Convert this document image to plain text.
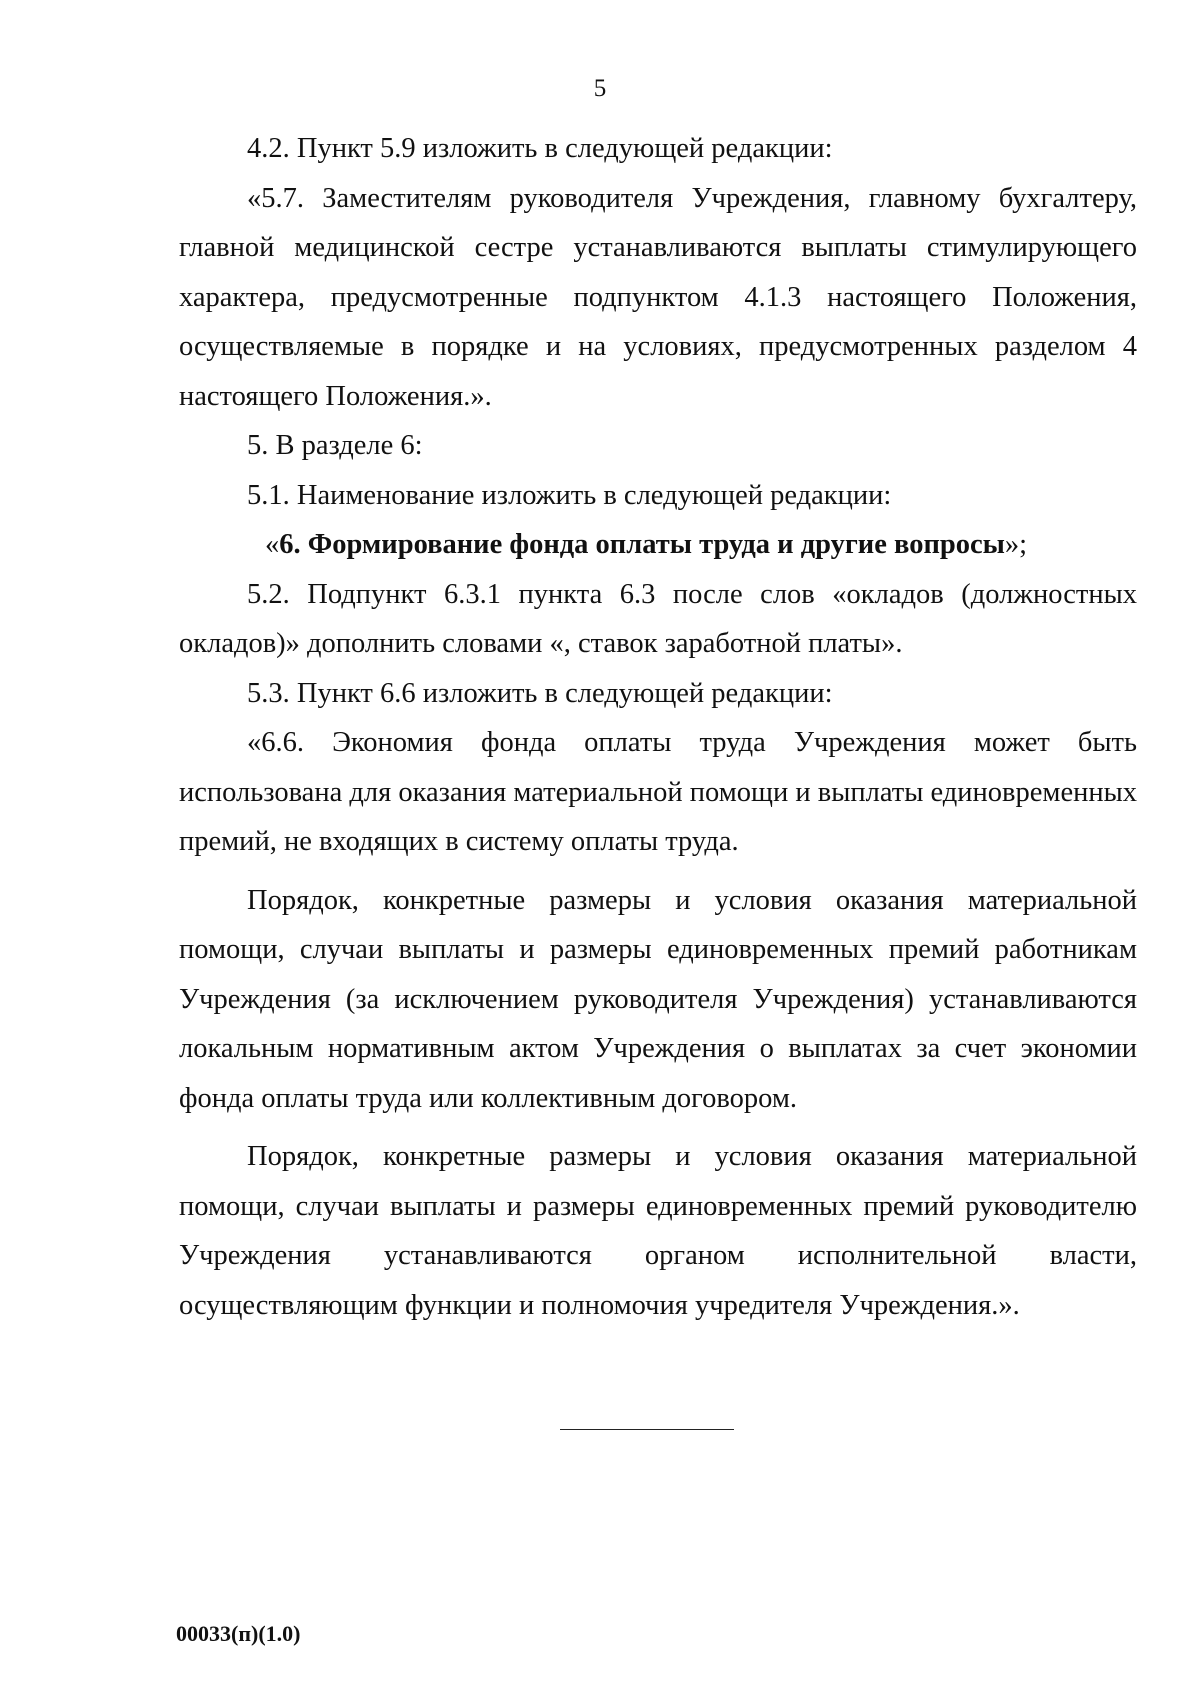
5

4.2. Пункт 5.9 изложить в следующей редакции:

«5.7. Заместителям руководителя Учреждения, главному бухгалтеру, главной медицинской сестре устанавливаются выплаты стимулирующего характера, предусмотренные подпунктом 4.1.3 настоящего Положения, осуществляемые в порядке и на условиях, предусмотренных разделом 4 настоящего Положения.».

5. В разделе 6:

5.1. Наименование изложить в следующей редакции:

«6. Формирование фонда оплаты труда и другие вопросы»;

5.2. Подпункт 6.3.1 пункта 6.3 после слов «окладов (должностных окладов)» дополнить словами «, ставок заработной платы».

5.3. Пункт 6.6 изложить в следующей редакции:

«6.6. Экономия фонда оплаты труда Учреждения может быть использована для оказания материальной помощи и выплаты единовременных премий, не входящих в систему оплаты труда.

Порядок, конкретные размеры и условия оказания материальной помощи, случаи выплаты и размеры единовременных премий работникам Учреждения (за исключением руководителя Учреждения) устанавливаются локальным нормативным актом Учреждения о выплатах за счет экономии фонда оплаты труда или коллективным договором.

Порядок, конкретные размеры и условия оказания материальной помощи, случаи выплаты и размеры единовременных премий руководителю Учреждения устанавливаются органом исполнительной власти, осуществляющим функции и полномочия учредителя Учреждения.».

00033(п)(1.0)
